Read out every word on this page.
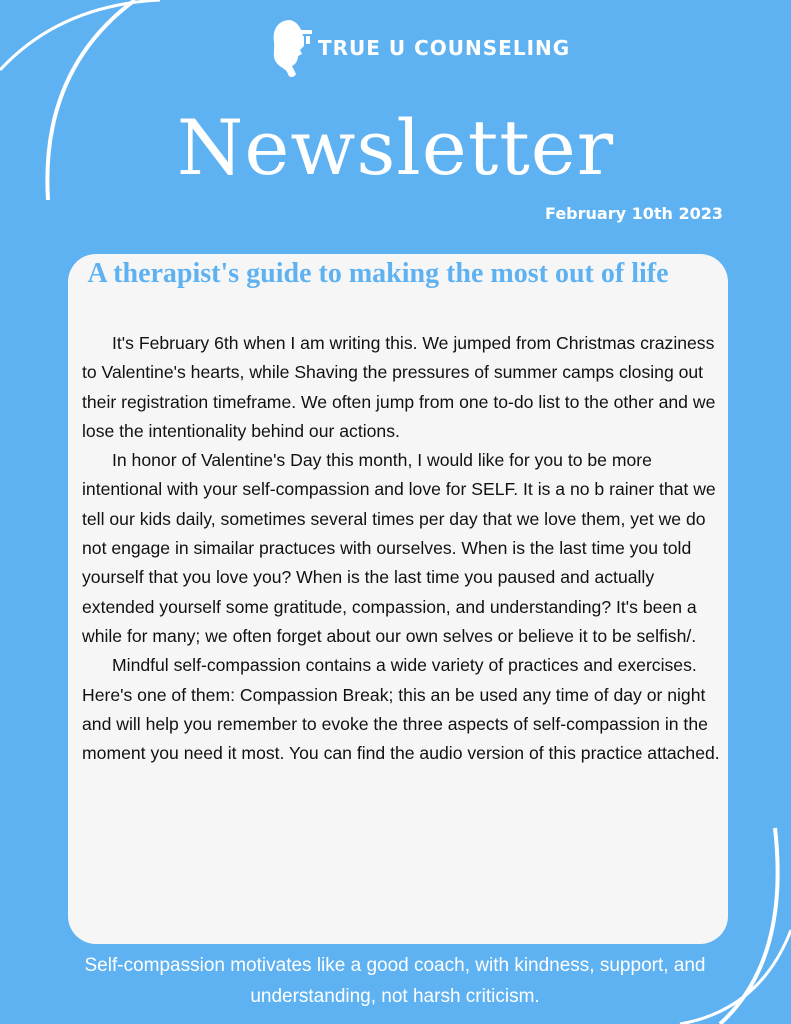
TRUE U COUNSELING
Newsletter
February 10th 2023
A therapist's guide to making the most out of life

It's February 6th when I am writing this. We jumped from Christmas craziness to Valentine's hearts, while Shaving the pressures of summer camps closing out their registration timeframe. We often jump from one to-do list to the other and we lose the intentionality behind our actions.

In honor of Valentine's Day this month, I would like for you to be more intentional with your self-compassion and love for SELF. It is a no b rainer that we tell our kids daily, sometimes several times per day that we love them, yet we do not engage in simailar practuces with ourselves. When is the last time you told yourself that you love you? When is the last time you paused and actually extended yourself some gratitude, compassion, and understanding? It's been a while for many; we often forget about our own selves or believe it to be selfish/.

Mindful self-compassion contains a wide variety of practices and exercises. Here's one of them: Compassion Break; this an be used any time of day or night and will help you remember to evoke the three aspects of self-compassion in the moment you need it most. You can find the audio version of this practice attached.

Self-compassion motivates like a good coach, with kindness, support, and understanding, not harsh criticism.
